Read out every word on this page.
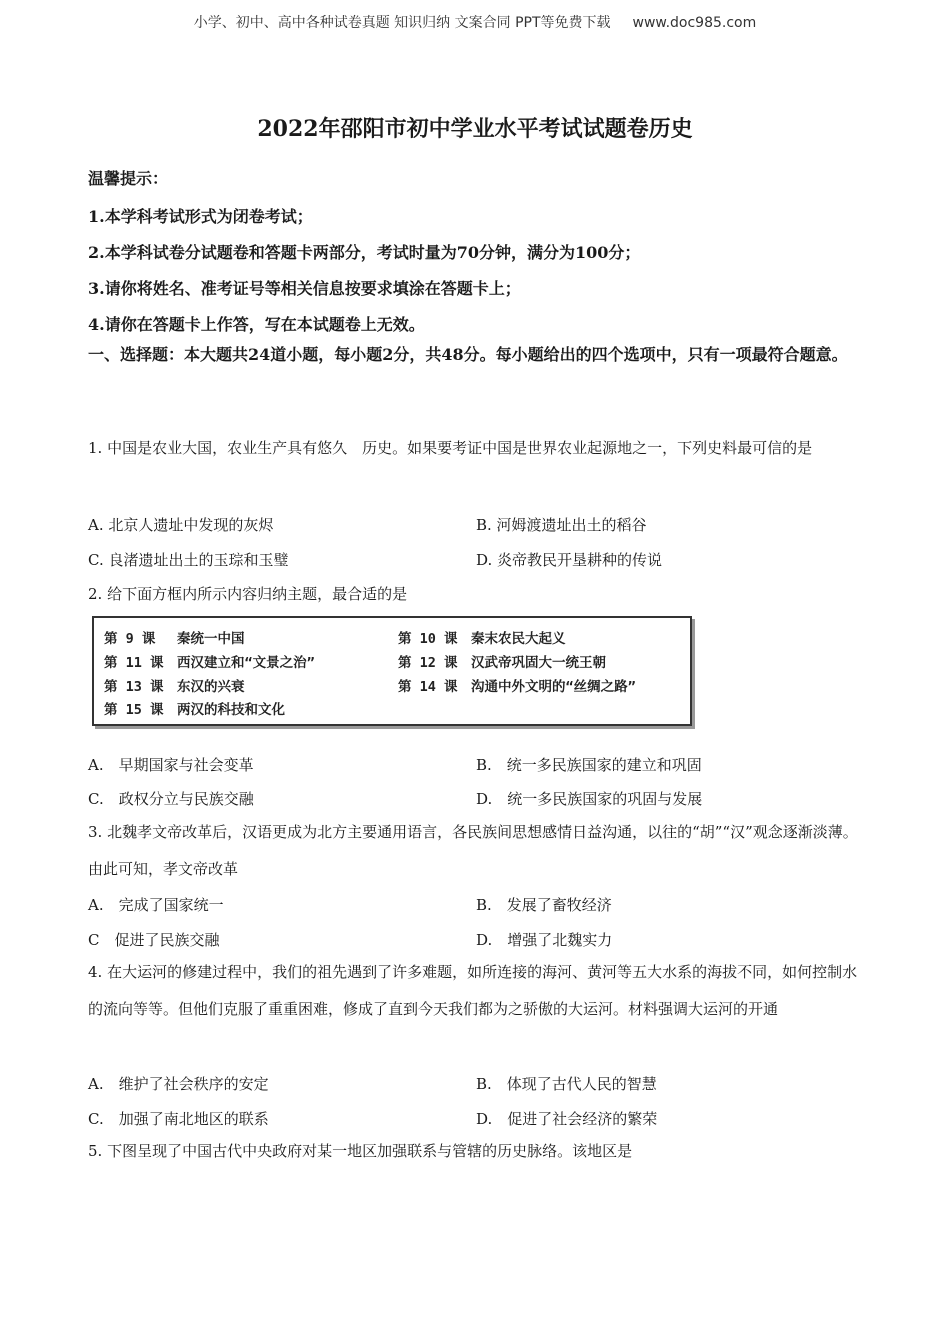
小学、初中、高中各种试卷真题 知识归纳 文案合同 PPT等免费下载 www.doc985.com
2022年邵阳市初中学业水平考试试题卷历史
温馨提示：
1.本学科考试形式为闭卷考试；
2.本学科试卷分试题卷和答题卡两部分，考试时量为70分钟，满分为100分；
3.请你将姓名、准考证号等相关信息按要求填涂在答题卡上；
4.请你在答题卡上作答，写在本试题卷上无效。
一、选择题：本大题共24道小题，每小题2分，共48分。每小题给出的四个选项中，只有一项最符合题意。
1. 中国是农业大国，农业生产具有悠久　历史。如果要考证中国是世界农业起源地之一，下列史料最可信的是
A. 北京人遗址中发现的灰烬	B. 河姆渡遗址出土的稻谷
C. 良渚遗址出土的玉琮和玉璧	D. 炎帝教民开垦耕种的传说
2. 给下面方框内所示内容归纳主题，最合适的是
第 9 课　 秦统一中国	第 10 课　秦末农民大起义
第 11 课　西汉建立和“文景之治”	第 12 课　汉武帝巩固大一统王朝
第 13 课　东汉的兴衰	第 14 课　沟通中外文明的“丝绸之路”
第 15 课　两汉的科技和文化
A.　早期国家与社会变革	B.　统一多民族国家的建立和巩固
C.　政权分立与民族交融	D.　统一多民族国家的巩固与发展
3. 北魏孝文帝改革后，汉语更成为北方主要通用语言，各民族间思想感情日益沟通，以往的“胡”“汉”观念逐渐淡薄。由此可知，孝文帝改革
A.　完成了国家统一	B.　发展了畜牧经济
C　促进了民族交融	D.　增强了北魏实力
4. 在大运河的修建过程中，我们的祖先遇到了许多难题，如所连接的海河、黄河等五大水系的海拔不同，如何控制水的流向等等。但他们克服了重重困难，修成了直到今天我们都为之骄傲的大运河。材料强调大运河的开通
A.　维护了社会秩序的安定	B.　体现了古代人民的智慧
C.　加强了南北地区的联系	D.　促进了社会经济的繁荣
5. 下图呈现了中国古代中央政府对某一地区加强联系与管辖的历史脉络。该地区是
